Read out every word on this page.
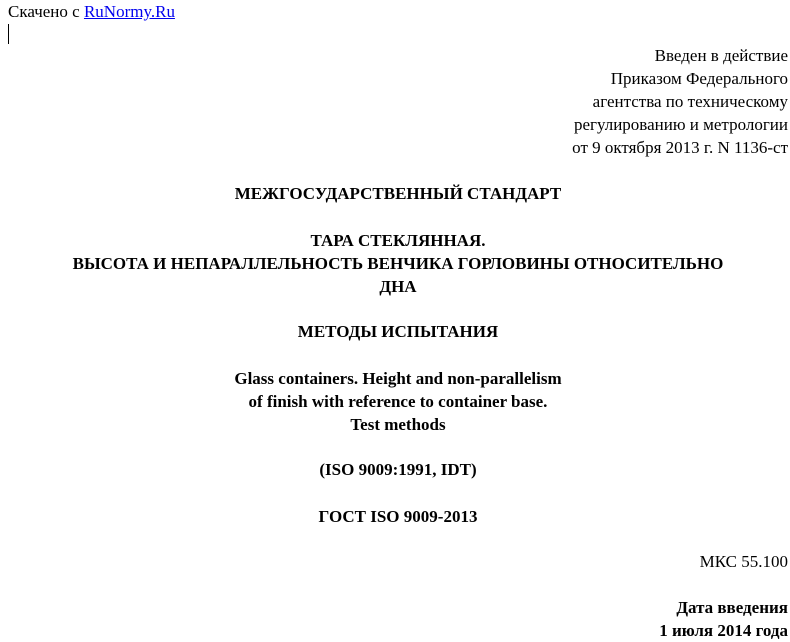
Скачено с RuNormy.Ru
Введен в действие
Приказом Федерального
агентства по техническому
регулированию и метрологии
от 9 октября 2013 г. N 1136-ст
МЕЖГОСУДАРСТВЕННЫЙ СТАНДАРТ
ТАРА СТЕКЛЯННАЯ.
ВЫСОТА И НЕПАРАЛЛЕЛЬНОСТЬ ВЕНЧИКА ГОРЛОВИНЫ ОТНОСИТЕЛЬНО
ДНА
МЕТОДЫ ИСПЫТАНИЯ
Glass containers. Height and non-parallelism
of finish with reference to container base.
Test methods
(ISO 9009:1991, IDT)
ГОСТ ISO 9009-2013
МКС 55.100
Дата введения
1 июля 2014 года
